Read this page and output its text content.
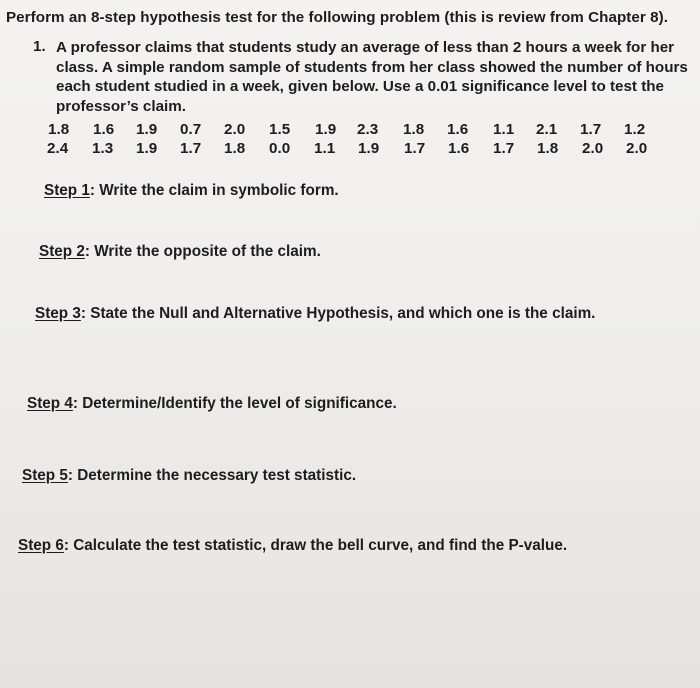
Perform an 8-step hypothesis test for the following problem (this is review from Chapter 8).
1. A professor claims that students study an average of less than 2 hours a week for her
class. A simple random sample of students from her class showed the number of hours
each student studied in a week, given below. Use a 0.01 significance level to test the
professor’s claim.
1.8 1.6 1.9 0.7 2.0 1.5 1.9 2.3 1.8 1.6 1.1 2.1 1.7 1.2
2.4 1.3 1.9 1.7 1.8 0.0 1.1 1.9 1.7 1.6 1.7 1.8 2.0 2.0
Step 1: Write the claim in symbolic form.
Step 2: Write the opposite of the claim.
Step 3: State the Null and Alternative Hypothesis, and which one is the claim.
Step 4: Determine/Identify the level of significance.
Step 5: Determine the necessary test statistic.
Step 6: Calculate the test statistic, draw the bell curve, and find the P-value.
